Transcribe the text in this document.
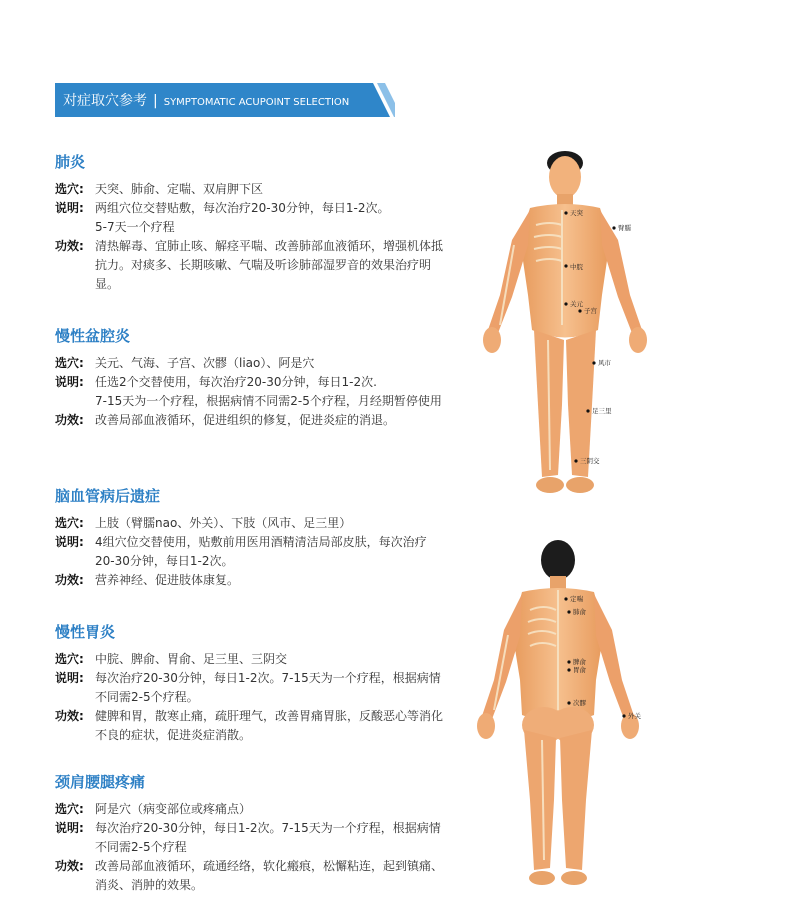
对症取穴参考 | SYMPTOMATIC ACUPOINT SELECTION
肺炎
选穴: 天突、肺俞、定喘、双肩胛下区
说明: 两组穴位交替贴敷，每次治疗20-30分钟，每日1-2次。
5-7天一个疗程
功效: 清热解毒、宜肺止咳、解痉平喘、改善肺部血液循环，增强机体抵抗力。对痰多、长期咳嗽、气喘及听诊肺部湿罗音的效果治疗明显。
慢性盆腔炎
选穴: 关元、气海、子宫、次髎（liao）、阿是穴
说明: 任选2个交替使用，每次治疗20-30分钟，每日1-2次.
7-15天为一个疗程，根据病情不同需2-5个疗程，月经期暂停使用
功效: 改善局部血液循环，促进组织的修复，促进炎症的消退。
脑血管病后遗症
选穴: 上肢（臂臑nao、外关）、下肢（风市、足三里）
说明: 4组穴位交替使用，贴敷前用医用酒精清洁局部皮肤，每次治疗20-30分钟，每日1-2次。
功效: 营养神经、促进肢体康复。
慢性胃炎
选穴: 中脘、脾俞、胃俞、足三里、三阴交
说明: 每次治疗20-30分钟，每日1-2次。7-15天为一个疗程，根据病情不同需2-5个疗程。
功效: 健脾和胃，散寒止痛，疏肝理气，改善胃痛胃胀，反酸恶心等消化不良的症状，促进炎症消散。
颈肩腰腿疼痛
选穴: 阿是穴（病变部位或疼痛点）
说明: 每次治疗20-30分钟，每日1-2次。7-15天为一个疗程，根据病情不同需2-5个疗程
功效: 改善局部血液循环，疏通经络，软化瘢痕，松懈粘连，起到镇痛、消炎、消肿的效果。
天突
臂臑
中脘
关元
子宫
风市
足三里
三阴交
定喘
肺俞
脾俞
胃俞
次髎
外关
